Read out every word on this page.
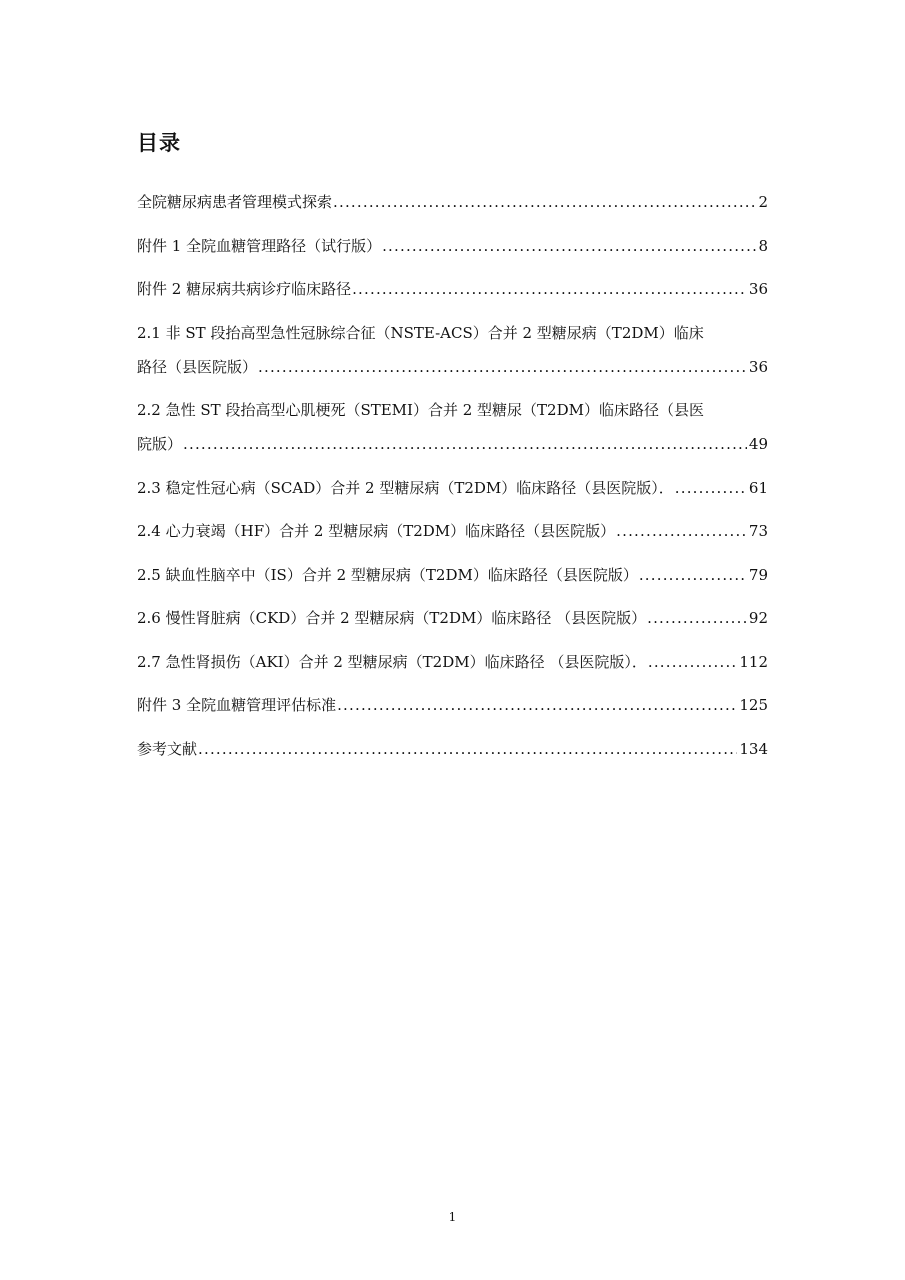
目录
全院糖尿病患者管理模式探索 .....	2
附件 1 全院血糖管理路径（试行版） .....	8
附件 2 糖尿病共病诊疗临床路径 .....	36
2.1 非 ST 段抬高型急性冠脉综合征（NSTE-ACS）合并 2 型糖尿病（T2DM）临床
路径（县医院版） .....	36
2.2 急性 ST 段抬高型心肌梗死（STEMI）合并 2 型糖尿（T2DM）临床路径（县医
院版） .....	49
2.3 稳定性冠心病（SCAD）合并 2 型糖尿病（T2DM）临床路径（县医院版）． .....	61
2.4 心力衰竭（HF）合并 2 型糖尿病（T2DM）临床路径（县医院版） .....	73
2.5 缺血性脑卒中（IS）合并 2 型糖尿病（T2DM）临床路径（县医院版） .....	79
2.6 慢性肾脏病（CKD）合并 2 型糖尿病（T2DM）临床路径 （县医院版） .....	92
2.7 急性肾损伤（AKI）合并 2 型糖尿病（T2DM）临床路径 （县医院版）． .....	112
附件 3 全院血糖管理评估标准 .....	125
参考文献 .....	134
1
